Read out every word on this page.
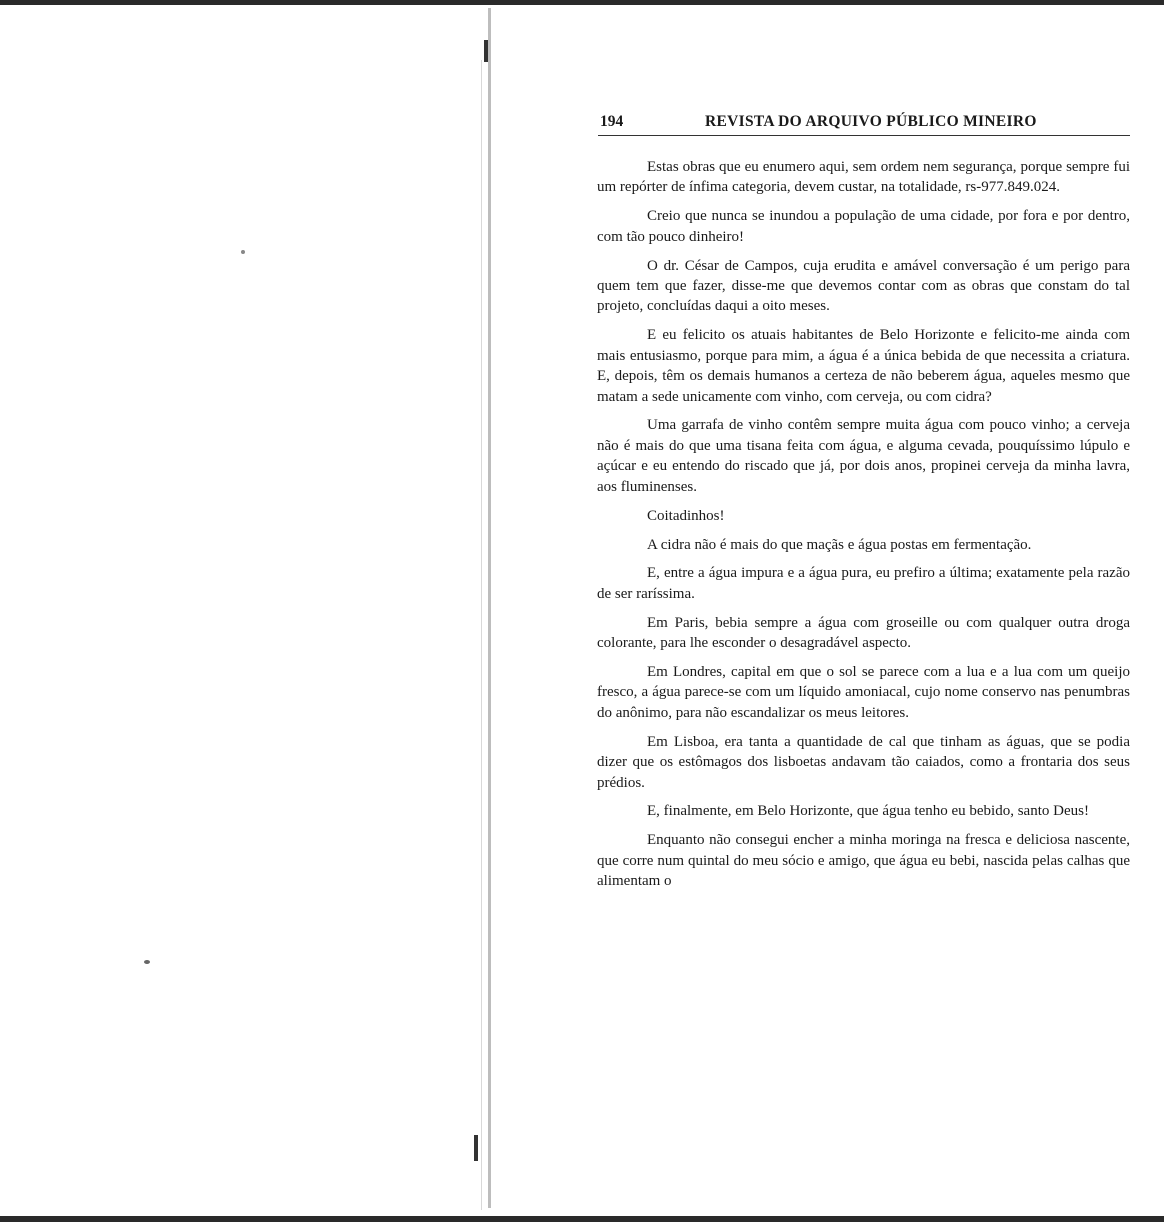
194	REVISTA DO ARQUIVO PÚBLICO MINEIRO

Estas obras que eu enumero aqui, sem ordem nem segurança, porque sempre fui um repórter de ínfima categoria, devem custar, na totalidade, rs-977.849.024.

Creio que nunca se inundou a população de uma cidade, por fora e por dentro, com tão pouco dinheiro!

O dr. César de Campos, cuja erudita e amável conversação é um perigo para quem tem que fazer, disse-me que devemos contar com as obras que constam do tal projeto, concluídas daqui a oito meses.

E eu felicito os atuais habitantes de Belo Horizonte e felicito-me ainda com mais entusiasmo, porque para mim, a água é a única bebida de que necessita a criatura. E, depois, têm os demais humanos a certeza de não beberem água, aqueles mesmo que matam a sede unicamente com vinho, com cerveja, ou com cidra?

Uma garrafa de vinho contêm sempre muita água com pouco vinho; a cerveja não é mais do que uma tisana feita com água, e alguma cevada, pouquíssimo lúpulo e açúcar e eu entendo do riscado que já, por dois anos, propinei cerveja da minha lavra, aos fluminenses.

Coitadinhos!

A cidra não é mais do que maçãs e água postas em fermentação.

E, entre a água impura e a água pura, eu prefiro a última; exatamente pela razão de ser raríssima.

Em Paris, bebia sempre a água com groseille ou com qualquer outra droga colorante, para lhe esconder o desagradável aspecto.

Em Londres, capital em que o sol se parece com a lua e a lua com um queijo fresco, a água parece-se com um líquido amoniacal, cujo nome conservo nas penumbras do anônimo, para não escandalizar os meus leitores.

Em Lisboa, era tanta a quantidade de cal que tinham as águas, que se podia dizer que os estômagos dos lisboetas andavam tão caiados, como a frontaria dos seus prédios.

E, finalmente, em Belo Horizonte, que água tenho eu bebido, santo Deus!

Enquanto não consegui encher a minha moringa na fresca e deliciosa nascente, que corre num quintal do meu sócio e amigo, que água eu bebi, nascida pelas calhas que alimentam o
